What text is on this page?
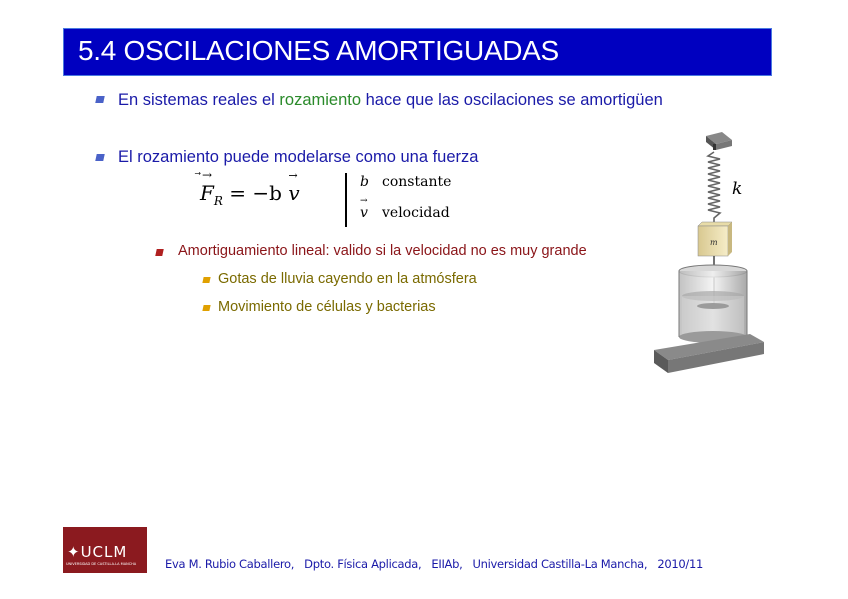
5.4 OSCILACIONES AMORTIGUADAS
En sistemas reales el rozamiento hace que las oscilaciones se amortigüen
El rozamiento puede modelarse como una fuerza
→
$F_R = -b$
→
v	b constante
→
v velocidad
Amortiguamiento lineal: valido si la velocidad no es muy grande
Gotas de lluvia cayendo en la atmósfera
Movimiento de células y bacterias
k
m
✦UCLM
UNIVERSIDAD DE CASTILLA-LA MANCHA	Eva M. Rubio Caballero,   Dpto. Física Aplicada,   EIIAb,   Universidad Castilla-La Mancha,   2010/11
